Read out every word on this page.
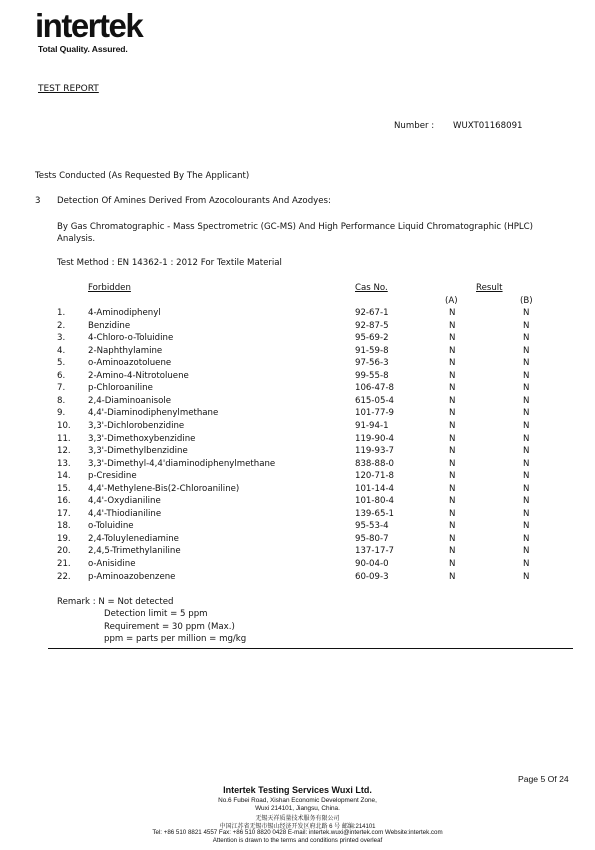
intertek
Total Quality. Assured.
TEST REPORT
Number : WUXT01168091
Tests Conducted (As Requested By The Applicant)
3 Detection Of Amines Derived From Azocolourants And Azodyes:
By Gas Chromatographic - Mass Spectrometric (GC-MS) And High Performance Liquid Chromatographic (HPLC)
Analysis.
Test Method : EN 14362-1 : 2012 For Textile Material
Forbidden	Cas No.	Result
(A)	(B)
1.	4-Aminodiphenyl	92-67-1	N	N
2.	Benzidine	92-87-5	N	N
3.	4-Chloro-o-Toluidine	95-69-2	N	N
4.	2-Naphthylamine	91-59-8	N	N
5.	o-Aminoazotoluene	97-56-3	N	N
6.	2-Amino-4-Nitrotoluene	99-55-8	N	N
7.	p-Chloroaniline	106-47-8	N	N
8.	2,4-Diaminoanisole	615-05-4	N	N
9.	4,4'-Diaminodiphenylmethane	101-77-9	N	N
10. 3,3'-Dichlorobenzidine	91-94-1	N	N
11. 3,3'-Dimethoxybenzidine	119-90-4	N	N
12. 3,3'-Dimethylbenzidine	119-93-7	N	N
13. 3,3'-Dimethyl-4,4'diaminodiphenylmethane	838-88-0	N	N
14. p-Cresidine	120-71-8	N	N
15. 4,4'-Methylene-Bis(2-Chloroaniline)	101-14-4	N	N
16. 4,4'-Oxydianiline	101-80-4	N	N
17. 4,4'-Thiodianiline	139-65-1	N	N
18. o-Toluidine	95-53-4	N	N
19. 2,4-Toluylenediamine	95-80-7	N	N
20. 2,4,5-Trimethylaniline	137-17-7	N	N
21. o-Anisidine	90-04-0	N	N
22. p-Aminoazobenzene	60-09-3	N	N
Remark : N = Not detected
Detection limit = 5 ppm
Requirement = 30 ppm (Max.)
ppm = parts per million = mg/kg
Page 5 Of 24
Intertek Testing Services Wuxi Ltd.
No.6 Fubei Road, Xishan Economic Development Zone,
Wuxi 214101, Jiangsu, China.
无锡天祥质量技术服务有限公司
中国江苏省无锡市锡山经济开发区府北路 6 号 邮编:214101
Tel: +86 510 8821 4557 Fax: +86 510 8820 0428 E-mail: intertek.wuxi@intertek.com Website:intertek.com
Attention is drawn to the terms and conditions printed overleaf
